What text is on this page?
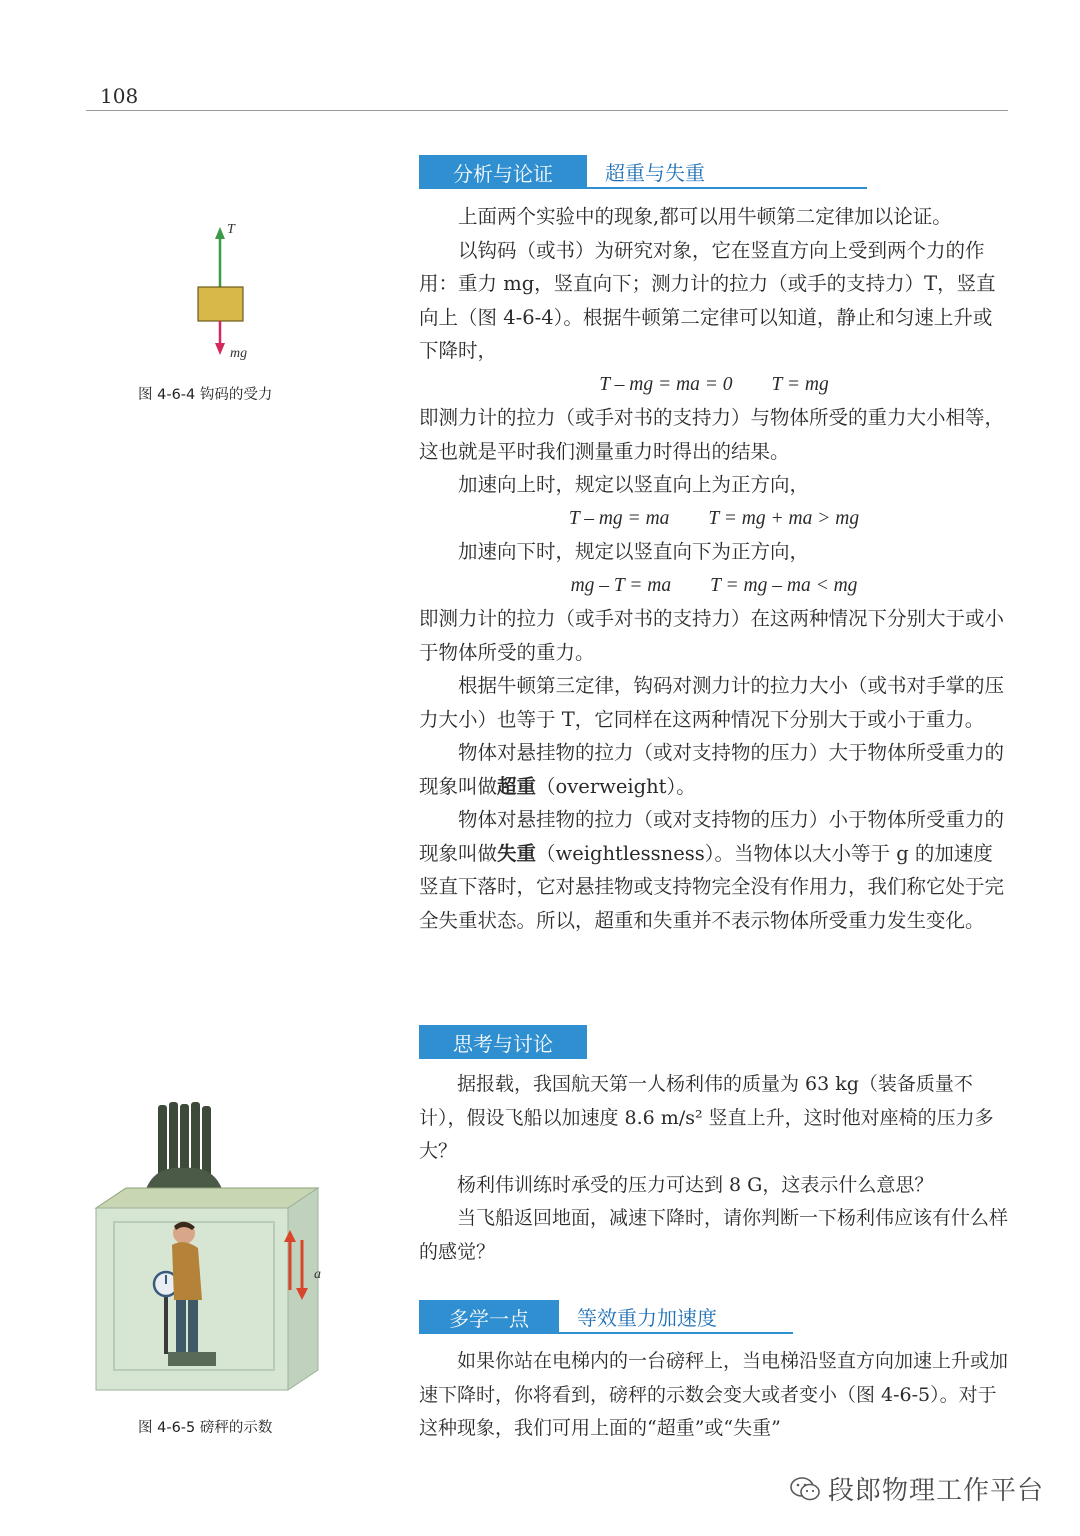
108
T
mg
图 4-6-4 钩码的受力
分析与论证	超重与失重

上面两个实验中的现象,都可以用牛顿第二定律加以论证。

以钩码（或书）为研究对象，它在竖直方向上受到两个力的作用：重力 mg，竖直向下；测力计的拉力（或手的支持力）T，竖直向上（图 4-6-4）。根据牛顿第二定律可以知道，静止和匀速上升或下降时，

T – mg = ma = 0        T = mg

即测力计的拉力（或手对书的支持力）与物体所受的重力大小相等，这也就是平时我们测量重力时得出的结果。

加速向上时，规定以竖直向上为正方向，

T – mg = ma        T = mg + ma > mg

加速向下时，规定以竖直向下为正方向，

mg – T = ma        T = mg – ma < mg

即测力计的拉力（或手对书的支持力）在这两种情况下分别大于或小于物体所受的重力。

根据牛顿第三定律，钩码对测力计的拉力大小（或书对手掌的压力大小）也等于 T，它同样在这两种情况下分别大于或小于重力。

物体对悬挂物的拉力（或对支持物的压力）大于物体所受重力的现象叫做超重（overweight）。

物体对悬挂物的拉力（或对支持物的压力）小于物体所受重力的现象叫做失重（weightlessness）。当物体以大小等于 g 的加速度竖直下落时，它对悬挂物或支持物完全没有作用力，我们称它处于完全失重状态。所以，超重和失重并不表示物体所受重力发生变化。

思考与讨论

据报载，我国航天第一人杨利伟的质量为 63 kg（装备质量不计），假设飞船以加速度 8.6 m/s² 竖直上升，这时他对座椅的压力多大？

杨利伟训练时承受的压力可达到 8 G，这表示什么意思？

当飞船返回地面，减速下降时，请你判断一下杨利伟应该有什么样的感觉？

多学一点	等效重力加速度

如果你站在电梯内的一台磅秤上，当电梯沿竖直方向加速上升或加速下降时，你将看到，磅秤的示数会变大或者变小（图 4-6-5）。对于这种现象，我们可用上面的“超重”或“失重”

a
图 4-6-5 磅秤的示数
段郎物理工作平台
